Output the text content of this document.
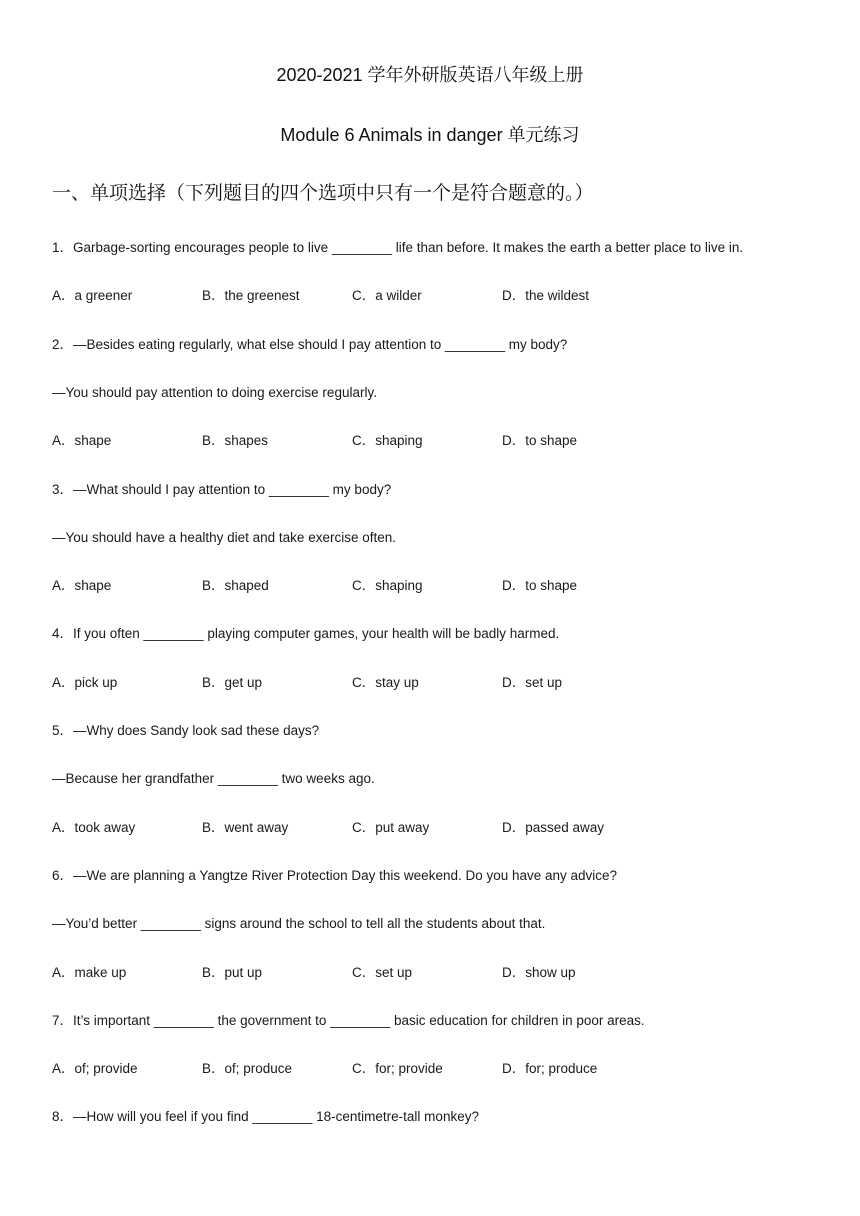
2020-2021 学年外研版英语八年级上册
Module 6 Animals in danger 单元练习
一、单项选择（下列题目的四个选项中只有一个是符合题意的。）
1．Garbage-sorting encourages people to live ________ life than before. It makes the earth a better place to live in.
A．a greener	B．the greenest	C．a wilder	D．the wildest
2．—Besides eating regularly, what else should I pay attention to ________ my body?
—You should pay attention to doing exercise regularly.
A．shape	B．shapes	C．shaping	D．to shape
3．—What should I pay attention to ________ my body?
—You should have a healthy diet and take exercise often.
A．shape	B．shaped	C．shaping	D．to shape
4．If you often ________ playing computer games, your health will be badly harmed.
A．pick up	B．get up	C．stay up	D．set up
5．—Why does Sandy look sad these days?
—Because her grandfather ________ two weeks ago.
A．took away	B．went away	C．put away	D．passed away
6．—We are planning a Yangtze River Protection Day this weekend. Do you have any advice?
—You’d better ________ signs around the school to tell all the students about that.
A．make up	B．put up	C．set up	D．show up
7．It’s important ________ the government to ________ basic education for children in poor areas.
A．of; provide	B．of; produce	C．for; provide	D．for; produce
8．—How will you feel if you find ________ 18-centimetre-tall monkey?
